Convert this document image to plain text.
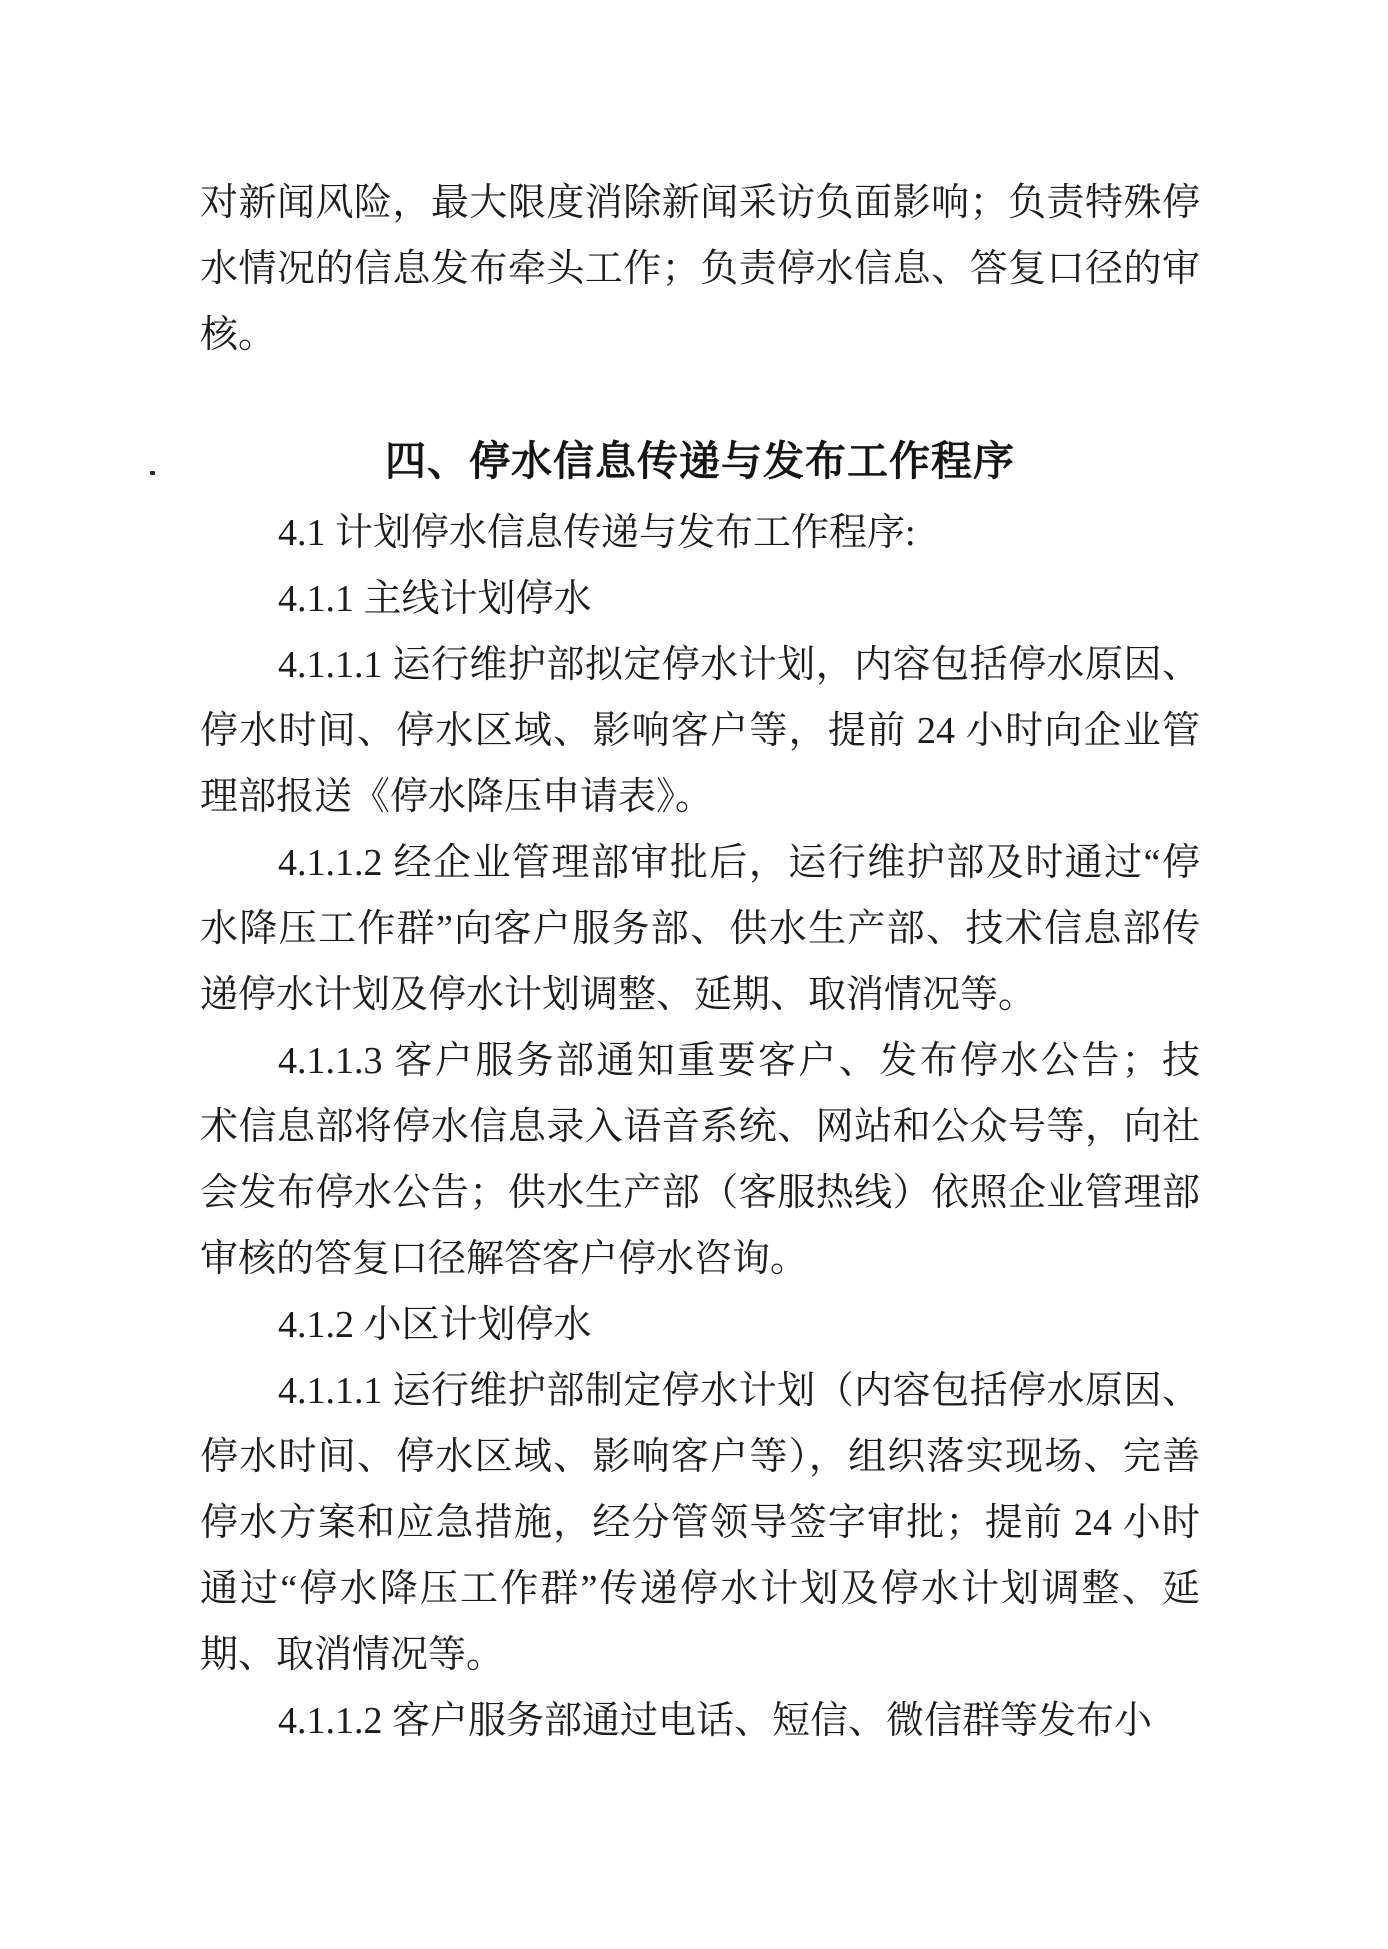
对新闻风险，最大限度消除新闻采访负面影响；负责特殊停
水情况的信息发布牵头工作；负责停水信息、答复口径的审
核。
四、停水信息传递与发布工作程序
4.1 计划停水信息传递与发布工作程序:
4.1.1 主线计划停水
4.1.1.1 运行维护部拟定停水计划，内容包括停水原因、
停水时间、停水区域、影响客户等，提前 24 小时向企业管
理部报送《停水降压申请表》。
4.1.1.2 经企业管理部审批后，运行维护部及时通过“停
水降压工作群”向客户服务部、供水生产部、技术信息部传
递停水计划及停水计划调整、延期、取消情况等。
4.1.1.3 客户服务部通知重要客户、发布停水公告；技
术信息部将停水信息录入语音系统、网站和公众号等，向社
会发布停水公告；供水生产部（客服热线）依照企业管理部
审核的答复口径解答客户停水咨询。
4.1.2 小区计划停水
4.1.1.1 运行维护部制定停水计划（内容包括停水原因、
停水时间、停水区域、影响客户等），组织落实现场、完善
停水方案和应急措施，经分管领导签字审批；提前 24 小时
通过“停水降压工作群”传递停水计划及停水计划调整、延
期、取消情况等。
4.1.1.2 客户服务部通过电话、短信、微信群等发布小
